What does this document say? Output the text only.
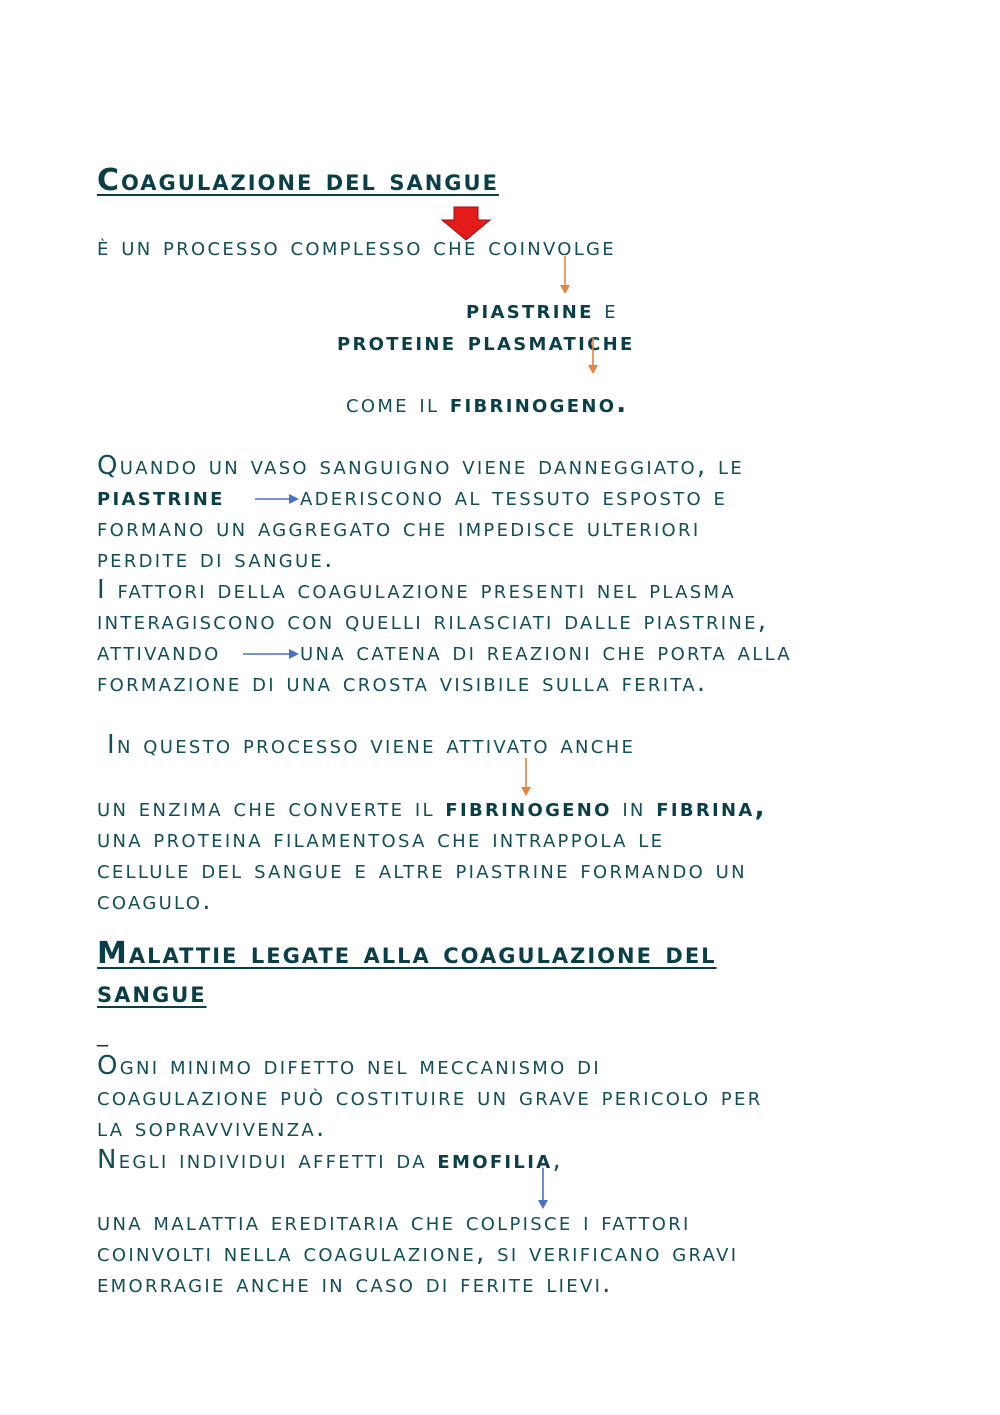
Coagulazione del sangue
è un processo complesso che coinvolge
piastrine e
proteine plasmatiche
come il fibrinogeno.
Quando un vaso sanguigno viene danneggiato, le
piastrine	aderiscono al tessuto esposto e
formano un aggregato che impedisce ulteriori
perdite di sangue.
I fattori della coagulazione presenti nel plasma
interagiscono con quelli rilasciati dalle piastrine,
attivando	una catena di reazioni che porta alla
formazione di una crosta visibile sulla ferita.
In questo processo viene attivato anche
un enzima che converte il fibrinogeno in fibrina,
una proteina filamentosa che intrappola le
cellule del sangue e altre piastrine formando un
coagulo.
Malattie legate alla coagulazione del
sangue
_
Ogni minimo difetto nel meccanismo di
coagulazione può costituire un grave pericolo per
la sopravvivenza.
Negli individui affetti da emofilia,
una malattia ereditaria che colpisce i fattori
coinvolti nella coagulazione, si verificano gravi
emorragie anche in caso di ferite lievi.
